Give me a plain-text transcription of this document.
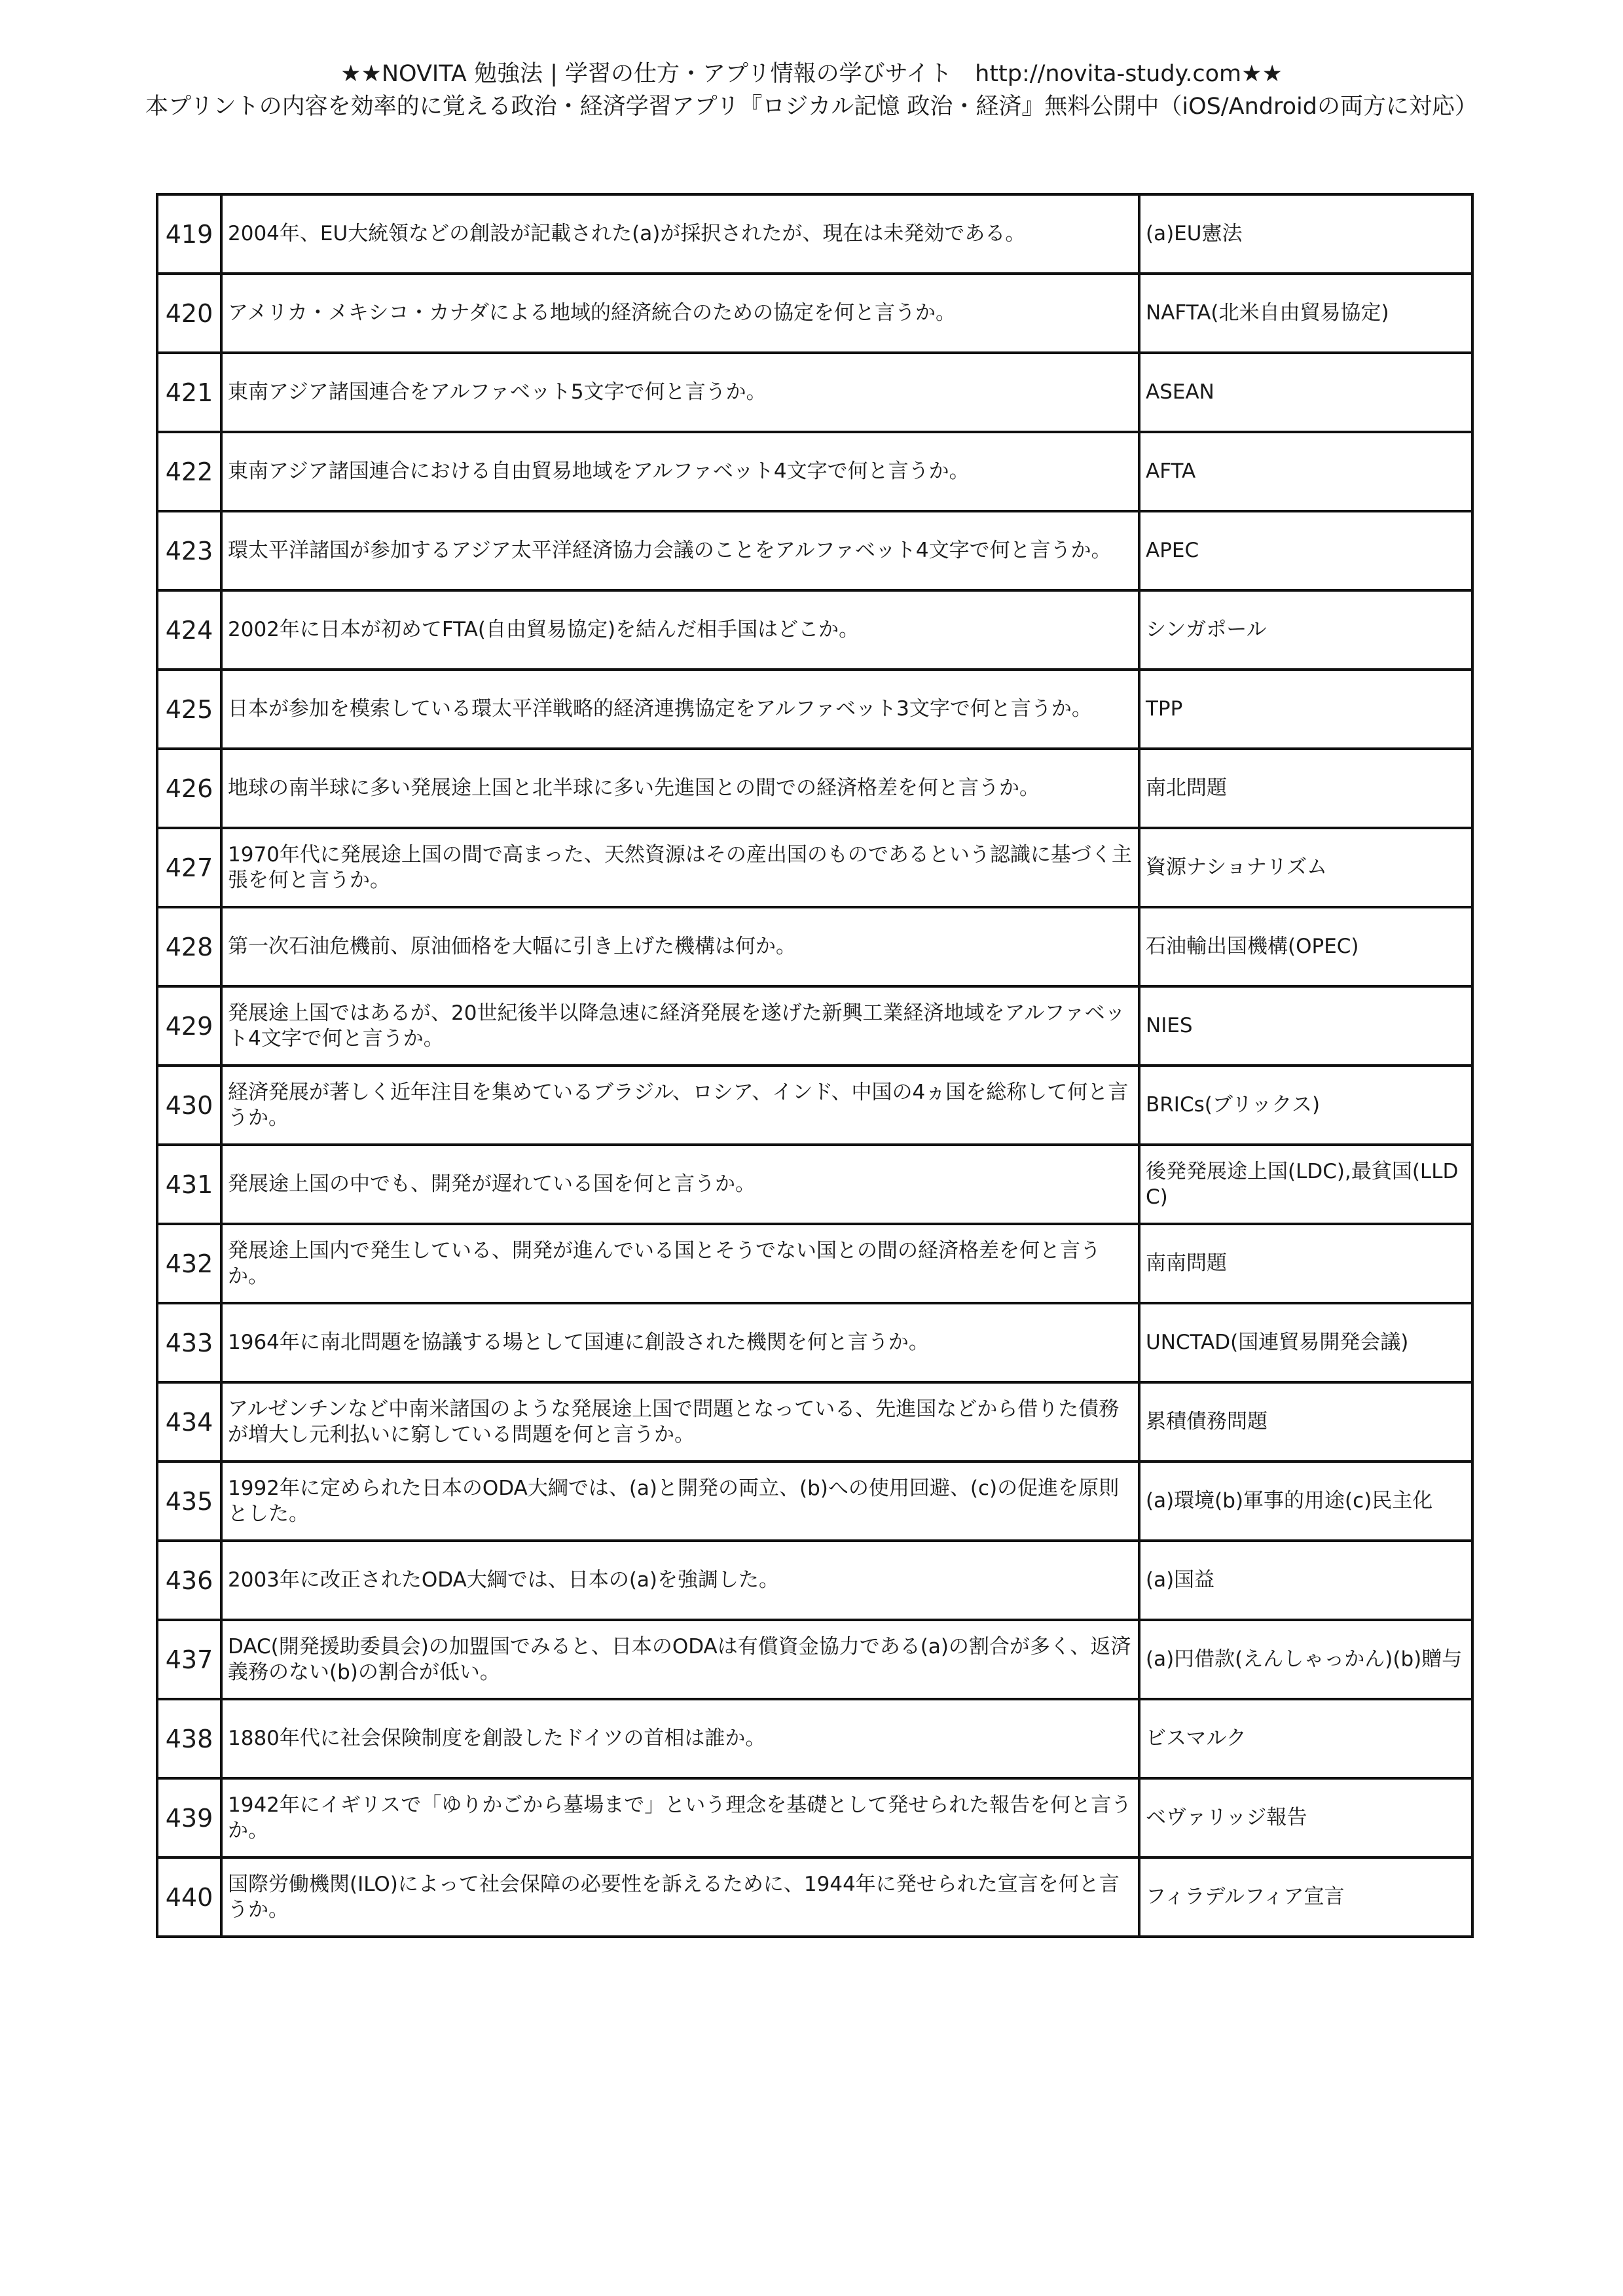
★★NOVITA 勉強法 | 学習の仕方・アプリ情報の学びサイト　http://novita-study.com★★
本プリントの内容を効率的に覚える政治・経済学習アプリ『ロジカル記憶 政治・経済』無料公開中（iOS/Androidの両方に対応）
419	2004年、EU大統領などの創設が記載された(a)が採択されたが、現在は未発効である。	(a)EU憲法
420	アメリカ・メキシコ・カナダによる地域的経済統合のための協定を何と言うか。	NAFTA(北米自由貿易協定)
421	東南アジア諸国連合をアルファベット5文字で何と言うか。	ASEAN
422	東南アジア諸国連合における自由貿易地域をアルファベット4文字で何と言うか。	AFTA
423	環太平洋諸国が参加するアジア太平洋経済協力会議のことをアルファベット4文字で何と言うか。	APEC
424	2002年に日本が初めてFTA(自由貿易協定)を結んだ相手国はどこか。	シンガポール
425	日本が参加を模索している環太平洋戦略的経済連携協定をアルファベット3文字で何と言うか。	TPP
426	地球の南半球に多い発展途上国と北半球に多い先進国との間での経済格差を何と言うか。	南北問題
427	1970年代に発展途上国の間で高まった、天然資源はその産出国のものであるという認識に基づく主張を何と言うか。	資源ナショナリズム
428	第一次石油危機前、原油価格を大幅に引き上げた機構は何か。	石油輸出国機構(OPEC)
429	発展途上国ではあるが、20世紀後半以降急速に経済発展を遂げた新興工業経済地域をアルファベット4文字で何と言うか。	NIES
430	経済発展が著しく近年注目を集めているブラジル、ロシア、インド、中国の4ヵ国を総称して何と言うか。	BRICs(ブリックス)
431	発展途上国の中でも、開発が遅れている国を何と言うか。	後発発展途上国(LDC),最貧国(LLDC)
432	発展途上国内で発生している、開発が進んでいる国とそうでない国との間の経済格差を何と言うか。	南南問題
433	1964年に南北問題を協議する場として国連に創設された機関を何と言うか。	UNCTAD(国連貿易開発会議)
434	アルゼンチンなど中南米諸国のような発展途上国で問題となっている、先進国などから借りた債務が増大し元利払いに窮している問題を何と言うか。	累積債務問題
435	1992年に定められた日本のODA大綱では、(a)と開発の両立、(b)への使用回避、(c)の促進を原則とした。	(a)環境(b)軍事的用途(c)民主化
436	2003年に改正されたODA大綱では、日本の(a)を強調した。	(a)国益
437	DAC(開発援助委員会)の加盟国でみると、日本のODAは有償資金協力である(a)の割合が多く、返済義務のない(b)の割合が低い。	(a)円借款(えんしゃっかん)(b)贈与
438	1880年代に社会保険制度を創設したドイツの首相は誰か。	ビスマルク
439	1942年にイギリスで「ゆりかごから墓場まで」という理念を基礎として発せられた報告を何と言うか。	ベヴァリッジ報告
440	国際労働機関(ILO)によって社会保障の必要性を訴えるために、1944年に発せられた宣言を何と言うか。	フィラデルフィア宣言
